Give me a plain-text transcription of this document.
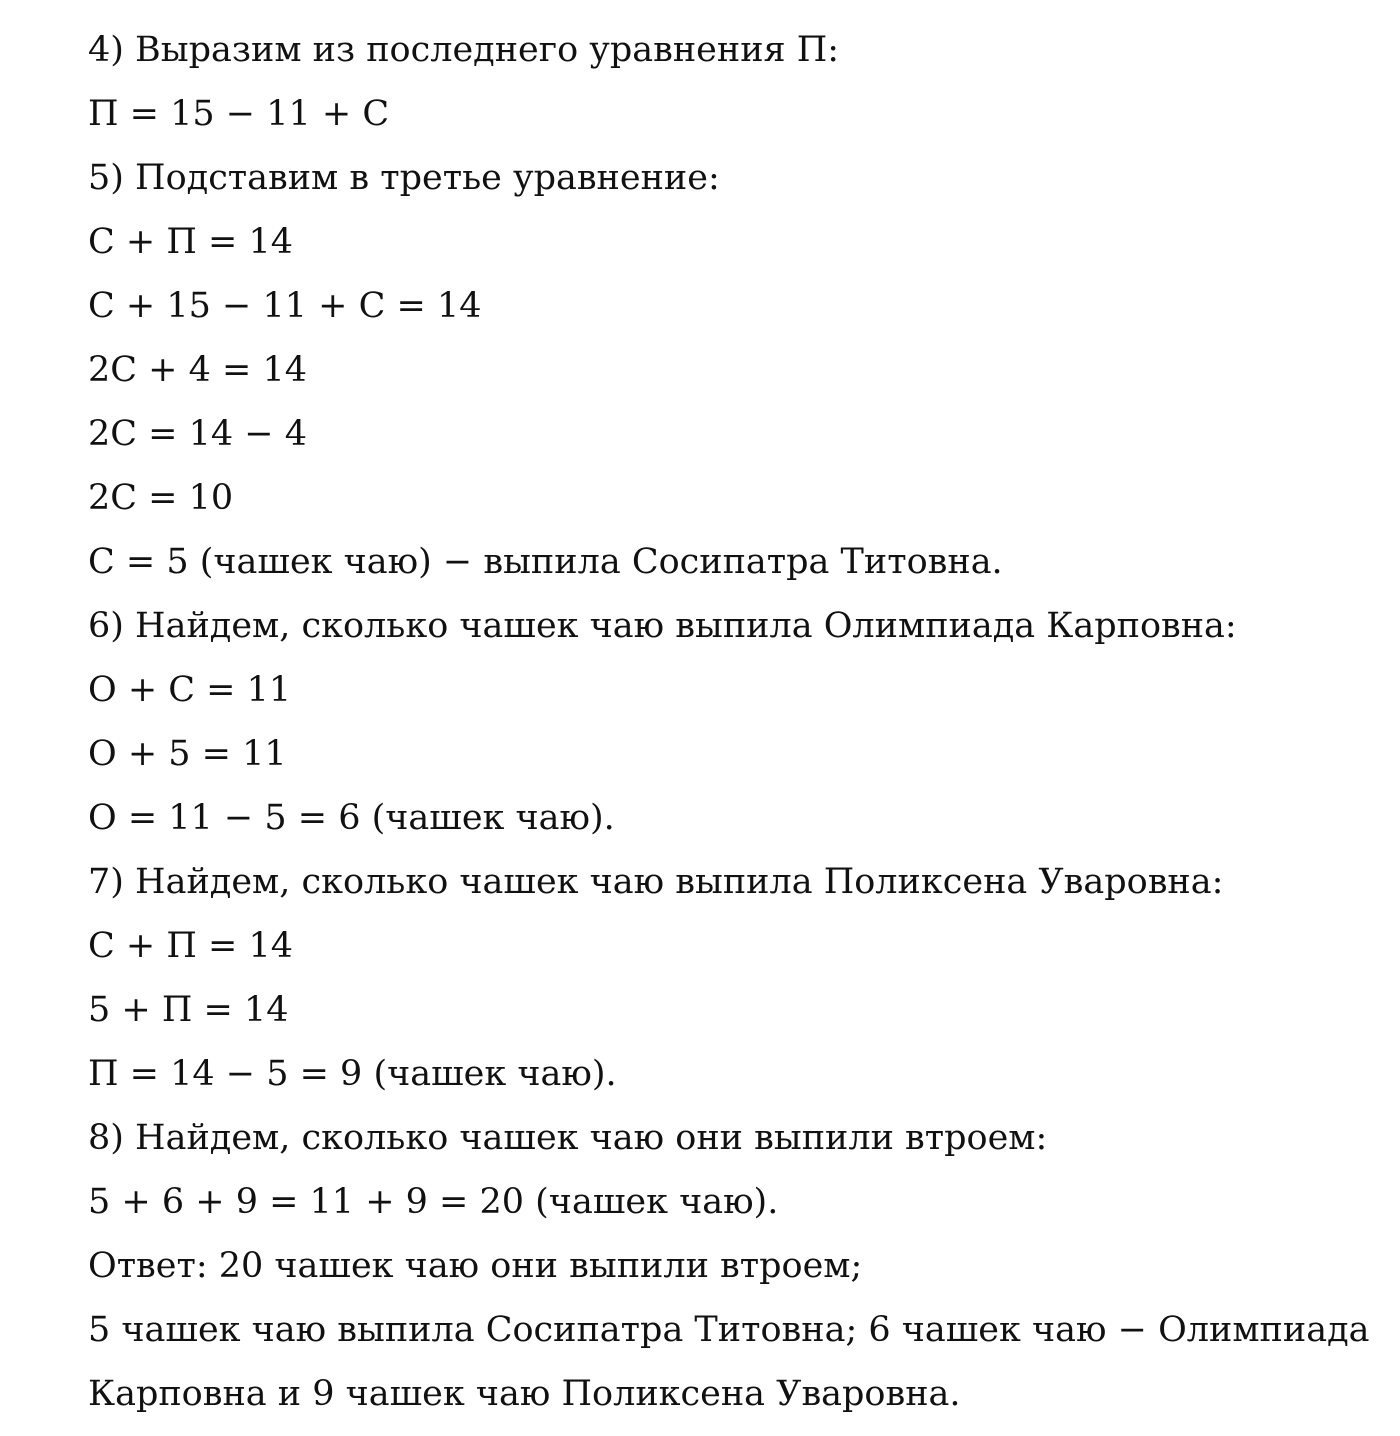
4) Выразим из последнего уравнения П:
П = 15 − 11 + С
5) Подставим в третье уравнение:
С + П = 14
С + 15 − 11 + С = 14
2С + 4 = 14
2С = 14 − 4
2С = 10
С = 5 (чашек чаю) − выпила Сосипатра Титовна.
6) Найдем, сколько чашек чаю выпила Олимпиада Карповна:
О + С = 11
О + 5 = 11
О = 11 − 5 = 6 (чашек чаю).
7) Найдем, сколько чашек чаю выпила Поликсена Уваровна:
С + П = 14
5 + П = 14
П = 14 − 5 = 9 (чашек чаю).
8) Найдем, сколько чашек чаю они выпили втроем:
5 + 6 + 9 = 11 + 9 = 20 (чашек чаю).
Ответ: 20 чашек чаю они выпили втроем;
5 чашек чаю выпила Сосипатра Титовна; 6 чашек чаю − Олимпиада
Карповна и 9 чашек чаю Поликсена Уваровна.
